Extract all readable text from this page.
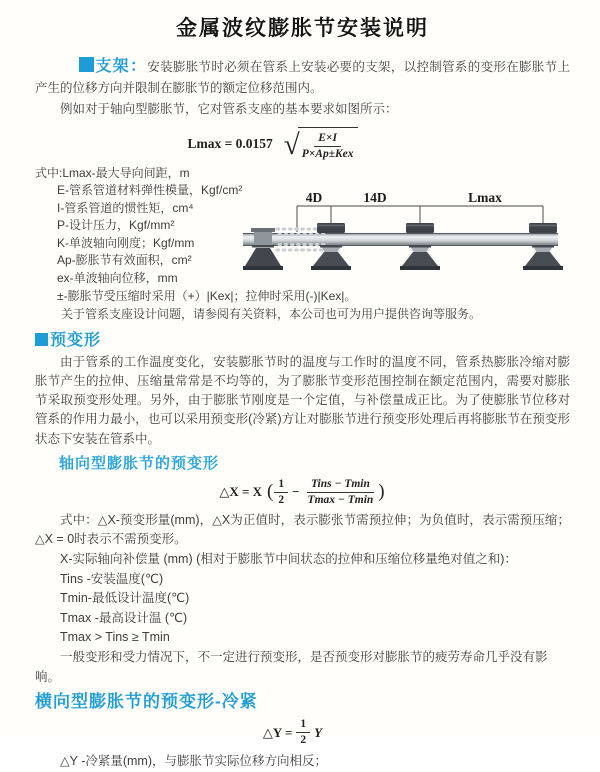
金属波纹膨胀节安装说明

支架：安装膨胀节时必须在管系上安装必要的支架，以控制管系的变形在膨胀节上产生的位移方向并限制在膨胀节的额定位移范围内。

例如对于轴向型膨胀节，它对管系支座的基本要求如图所示：

Lmax = 0.0157 √
$\frac{E\times I}{\text{P×Ap±Kex}}$
式中:Lmax-最大导向间距，m
E-管系管道材料弹性模量，Kgf/cm²
I-管系管道的惯性矩，cm⁴
P-设计压力，Kgf/mm²
K-单波轴向刚度；Kgf/mm
Ap-膨胀节有效面积，cm²
ex-单波轴向位移，mm
±-膨胀节受压缩时采用（+）|Kex|；拉伸时采用(-)|Kex|。
关于管系支座设计问题，请参阅有关资料，本公司也可为用户提供咨询等服务。
预变形

由于管系的工作温度变化，安装膨胀节时的温度与工作时的温度不同，管系热膨胀冷缩对膨胀节产生的拉伸、压缩量常常是不均等的，为了膨胀节变形范围控制在额定范围内，需要对膨胀节采取预变形处理。另外，由于膨胀节刚度是一个定值，与补偿量成正比。为了使膨胀节位移对管系的作用力最小，也可以采用预变形(冷紧)方让对膨胀节进行预变形处理后再将膨胀节在预变形状态下安装在管系中。

轴向型膨胀节的预变形
△X = X ( $\frac{1}{2} - \frac{\text{Tins − Tmin}}{Tmax - Tmin}$ )

式中：△X-预变形量(mm)，△X为正值时，表示膨张节需预拉伸；为负值时，表示需预压缩；△X = 0时表示不需预变形。

X-实际轴向补偿量 (mm) (相对于膨胀节中间状态的拉伸和压缩位移量绝对值之和)：

Tins -安装温度(℃)

Tmin-最低设计温度(℃)

Tmax -最高设计温 (℃)

Tmax > Tins ≥ Tmin

一般变形和受力情况下，不一定进行预变形，是否预变形对膨胀节的疲劳寿命几乎没有影响。

横向型膨胀节的预变形-冷紧
△Y = $\frac{1}{2}$ Y

△Y -冷紧量(mm)，与膨胀节实际位移方向相反；

4D	14D	Lmax
